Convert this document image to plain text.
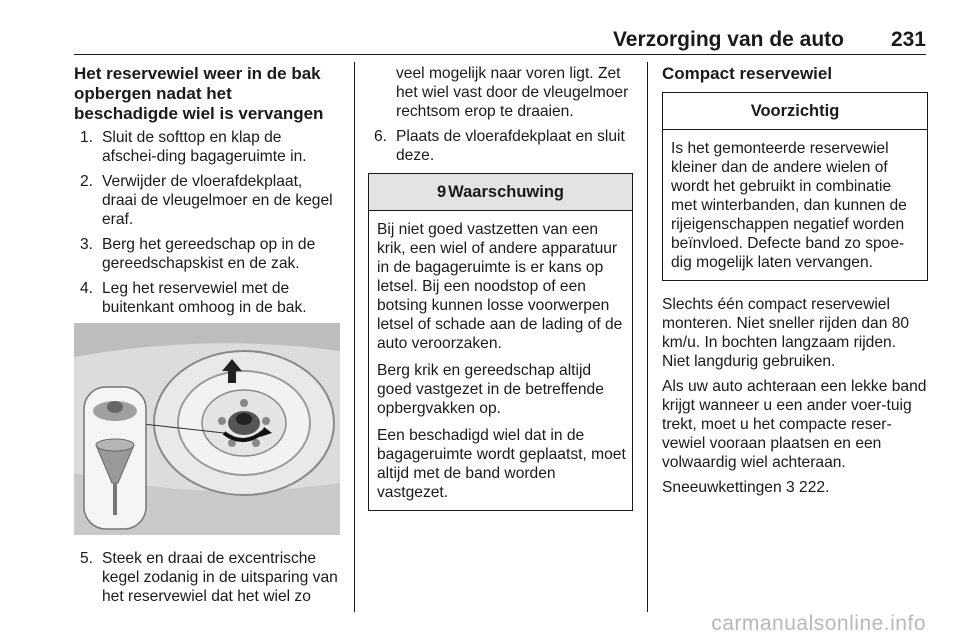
Verzorging van de auto 231
Het reservewiel weer in de bak opbergen nadat het beschadigde wiel is vervangen
1. Sluit de softtop en klap de afschei-ding bagageruimte in.
2. Verwijder de vloerafdekplaat, draai de vleugelmoer en de kegel eraf.
3. Berg het gereedschap op in de gereedschapskist en de zak.
4. Leg het reservewiel met de buitenkant omhoog in de bak.
5. Steek en draai de excentrische kegel zodanig in de uitsparing van het reservewiel dat het wiel zo
veel mogelijk naar voren ligt. Zet het wiel vast door de vleugelmoer rechtsom erop te draaien.
6. Plaats de vloerafdekplaat en sluit deze.
9 Waarschuwing

Bij niet goed vastzetten van een krik, een wiel of andere apparatuur in de bagageruimte is er kans op letsel. Bij een noodstop of een botsing kunnen losse voorwerpen letsel of schade aan de lading of de auto veroorzaken.

Berg krik en gereedschap altijd goed vastgezet in de betreffende opbergvakken op.

Een beschadigd wiel dat in de bagageruimte wordt geplaatst, moet altijd met de band worden vastgezet.

Compact reservewiel
Voorzichtig

Is het gemonteerde reservewiel kleiner dan de andere wielen of wordt het gebruikt in combinatie met winterbanden, dan kunnen de rijeigenschappen negatief worden beïnvloed. Defecte band zo spoe-dig mogelijk laten vervangen.

Slechts één compact reservewiel monteren. Niet sneller rijden dan 80 km/u. In bochten langzaam rijden. Niet langdurig gebruiken.

Als uw auto achteraan een lekke band krijgt wanneer u een ander voer-tuig trekt, moet u het compacte reser-vewiel vooraan plaatsen en een volwaardig wiel achteraan.

Sneeuwkettingen 3 222.

carmanualsonline.info
